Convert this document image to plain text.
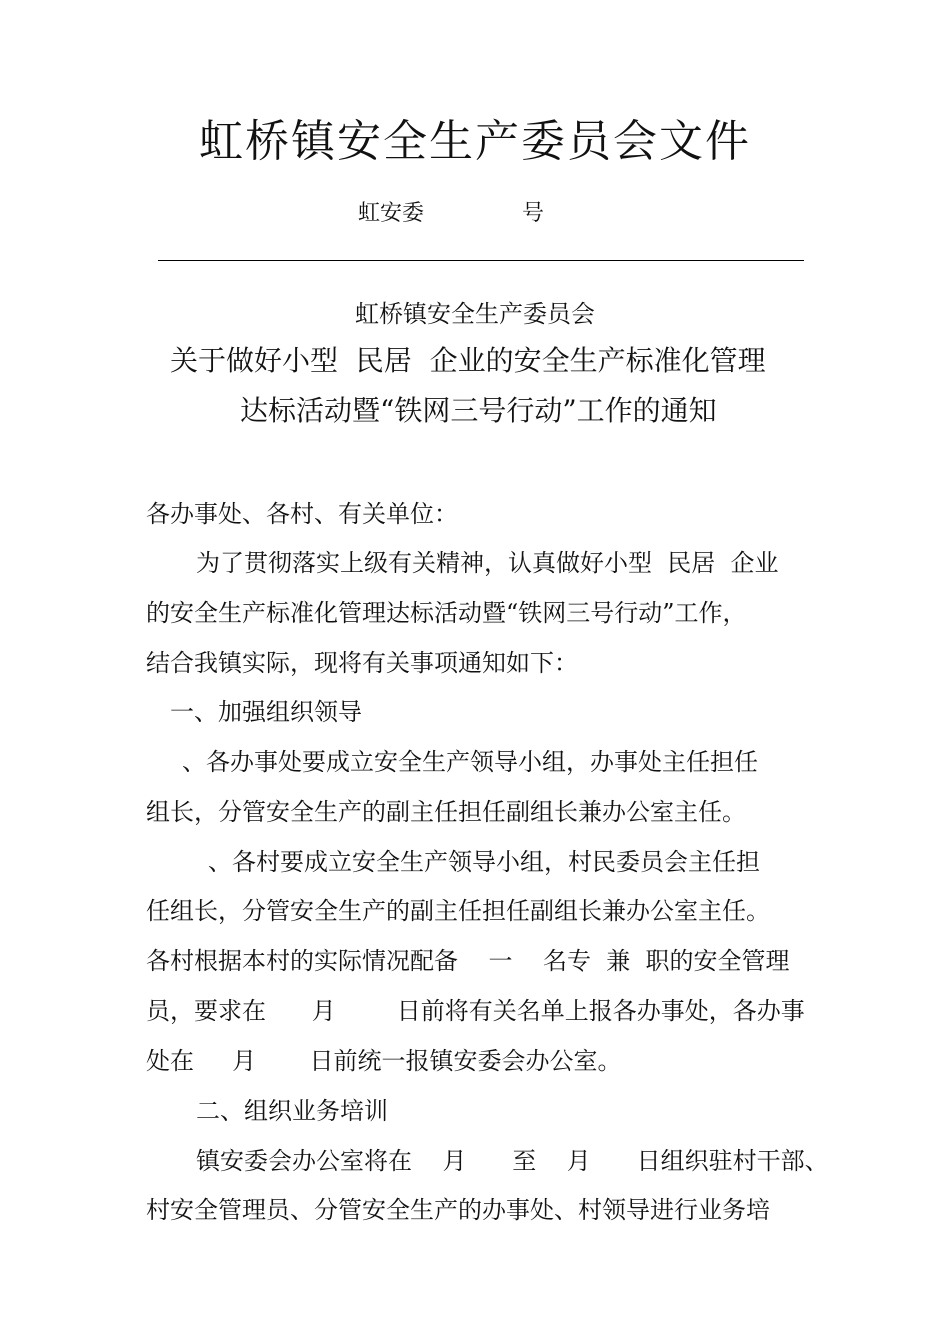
虹桥镇安全生产委员会文件
虹安委	号
虹桥镇安全生产委员会
关于做好小型  民居  企业的安全生产标准化管理
达标活动暨“铁网三号行动”工作的通知
各办事处、各村、有关单位：
为了贯彻落实上级有关精神，认真做好小型  民居  企业
的安全生产标准化管理达标活动暨“铁网三号行动”工作，
结合我镇实际，现将有关事项通知如下：
一、加强组织领导
、各办事处要成立安全生产领导小组，办事处主任担任
组长，分管安全生产的副主任担任副组长兼办公室主任。
、各村要成立安全生产领导小组，村民委员会主任担
任组长，分管安全生产的副主任担任副组长兼办公室主任。
各村根据本村的实际情况配备    一    名专  兼  职的安全管理
员，要求在      月        日前将有关名单上报各办事处，各办事
处在     月       日前统一报镇安委会办公室。
二、组织业务培训
镇安委会办公室将在    月      至    月      日组织驻村干部、
村安全管理员、分管安全生产的办事处、村领导进行业务培
